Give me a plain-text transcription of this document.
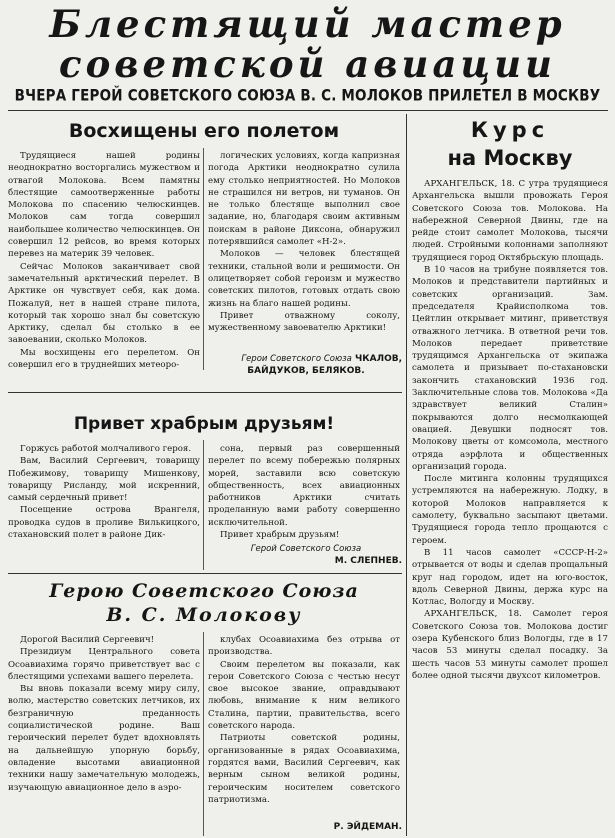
Блестящий мастер
советской авиации
ВЧЕРА ГЕРОЙ СОВЕТСКОГО СОЮЗА В. С. МОЛОКОВ ПРИЛЕТЕЛ В МОСКВУ
Восхищены его полетом

Трудящиеся нашей родины неоднократно восторгались мужеством и отвагой Молокова. Всем памятны блестящие самоотверженные работы Молокова по спасению челюскинцев. Молоков сам тогда совершил наибольшее количество челюскинцев. Он совершил 12 рейсов, во время которых перевез на материк 39 человек.

Сейчас Молоков заканчивает свой замечательный арктический перелет. В Арктике он чувствует себя, как дома. Пожалуй, нет в нашей стране пилота, который так хорошо знал бы советскую Арктику, сделал бы столько в ее завоевании, сколько Молоков.

Мы восхищены его перелетом. Он совершил его в труднейших метеоро-

логических условиях, когда капризная погода Арктики неоднократно сулила ему столько неприятностей. Но Молоков не страшился ни ветров, ни туманов. Он не только блестяще выполнил свое задание, но, благодаря своим активным поискам в районе Диксона, обнаружил потерявшийся самолет «Н-2».

Молоков — человек блестящей техники, стальной воли и решимости. Он олицетворяет собой героизм и мужество советских пилотов, готовых отдать свою жизнь на благо нашей родины.

Привет отважному соколу, мужественному завоевателю Арктики!

Герои Советского Союза ЧКАЛОВ,
БАЙДУКОВ, БЕЛЯКОВ.
Привет храбрым друзьям!

Горжусь работой молчаливого героя.

Вам, Василий Сергеевич, товарищу Побежимову, товарищу Мишенкову, товарищу Рисландy, мой искренний, самый сердечный привет!

Посещение острова Врангеля, проводка судов в проливе Вилькицкого, стахановский полет в районе Дик-

сона, первый раз совершенный перелет по всему побережью полярных морей, заставили всю советскую общественность, всех авиационных работников Арктики считать проделанную вами работу совершенно исключительной.

Привет храбрым друзьям!

Герой Советского Союза
М. СЛЕПНЕВ.
Герою Советского Союза
В. С. Молокову

Дорогой Василий Сергеевич!

Президиум Центрального совета Осоавиахима горячо приветствует вас с блестящими успехами вашего перелета.

Вы вновь показали всему миру силу, волю, мастерство советских летчиков, их безграничную преданность социалистической родине. Ваш героический перелет будет вдохновлять на дальнейшую упорную борьбу, овладение высотами авиационной техники нашу замечательную молодежь, изучающую авиационное дело в аэро-

клубах Осоавиахима без отрыва от производства.

Своим перелетом вы показали, как герои Советского Союза с честью несут свое высокое звание, оправдывают любовь, внимание к ним великого Сталина, партии, правительства, всего советского народа.

Патриоты советской родины, организованные в рядах Осоавиахима, гордятся вами, Василий Сергеевич, как верным сыном великой родины, героическим носителем советского патриотизма.

Р. ЭЙДЕМАН.
Курс
на Москву

АРХАНГЕЛЬСК, 18. С утра трудящиеся Архангельска вышли провожать Героя Советского Союза тов. Молокова. На набережной Северной Двины, где на рейде стоит самолет Молокова, тысячи людей. Стройными колоннами заполняют трудящиеся город Октябрьскую площадь.

В 10 часов на трибуне появляется тов. Молоков и представители партийных и советских организаций. Зам. председателя Крайисполкома тов. Цейтлин открывает митинг, приветствуя отважного летчика. В ответной речи тов. Молоков передает приветствие трудящимся Архангельска от экипажа самолета и призывает по-стахановски закончить стахановский 1936 год. Заключительные слова тов. Молокова «Да здравствует великий Сталин» покрываются долго несмолкающей овацией. Девушки подносят тов. Молокову цветы от комсомола, местного отряда аэрфлота и общественных организаций города.

После митинга колонны трудящихся устремляются на набережную. Лодку, в которой Молоков направляется к самолету, буквально засыпают цветами. Трудящиеся города тепло прощаются с героем.

В 11 часов самолет «СССР-Н-2» отрывается от воды и сделав прощальный круг над городом, идет на юго-восток, вдоль Северной Двины, держа курс на Котлас, Вологду и Москву.

АРХАНГЕЛЬСК, 18. Самолет героя Советского Союза тов. Молокова достиг озера Кубенского близ Вологды, где в 17 часов 53 минуты сделал посадку. За шесть часов 53 минуты самолет прошел более одной тысячи двухсот километров.
